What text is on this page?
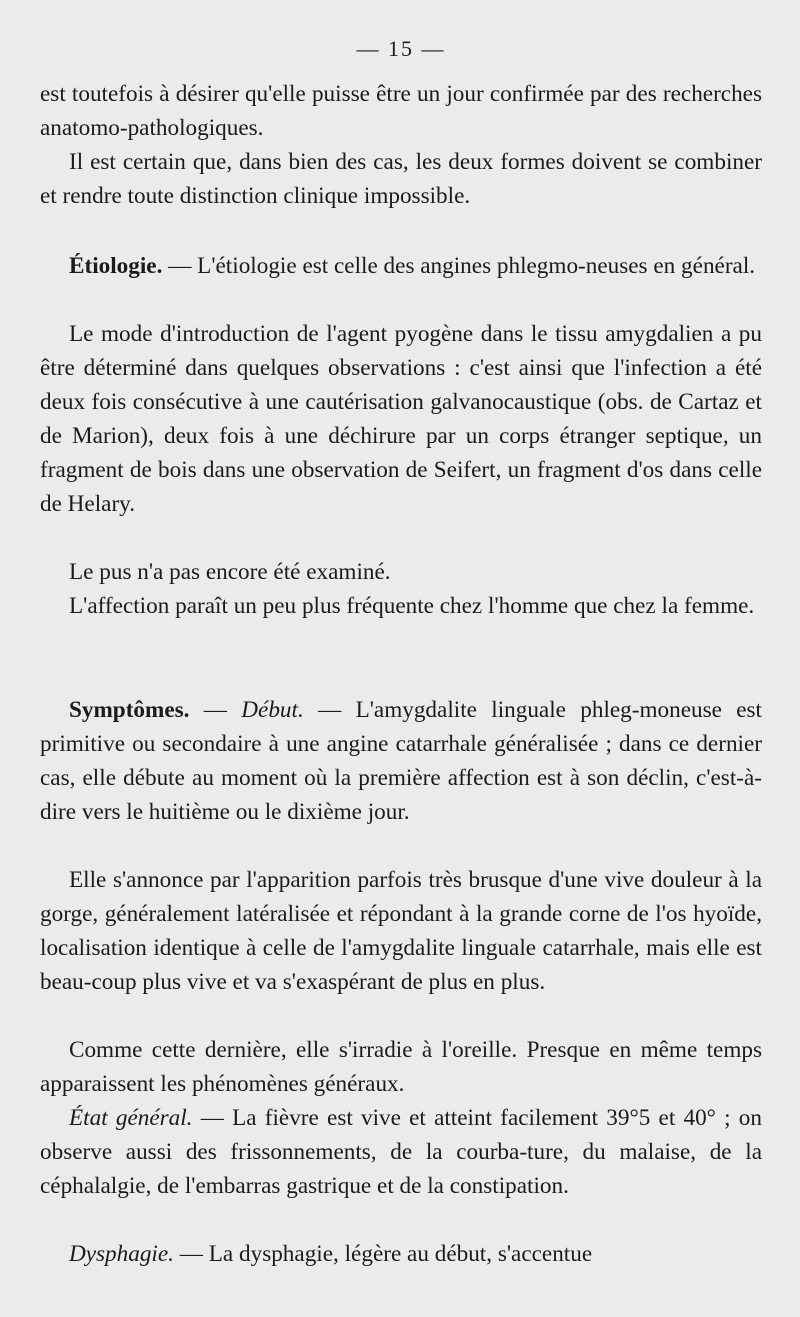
— 15 —

est toutefois à désirer qu'elle puisse être un jour confirmée par des recherches anatomo-pathologiques.

Il est certain que, dans bien des cas, les deux formes doivent se combiner et rendre toute distinction clinique impossible.

Étiologie. — L'étiologie est celle des angines phlegmo-neuses en général.

Le mode d'introduction de l'agent pyogène dans le tissu amygdalien a pu être déterminé dans quelques observations : c'est ainsi que l'infection a été deux fois consécutive à une cautérisation galvanocaustique (obs. de Cartaz et de Marion), deux fois à une déchirure par un corps étranger septique, un fragment de bois dans une observation de Seifert, un fragment d'os dans celle de Helary.

Le pus n'a pas encore été examiné.

L'affection paraît un peu plus fréquente chez l'homme que chez la femme.

Symptômes. — Début. — L'amygdalite linguale phleg-moneuse est primitive ou secondaire à une angine catarrhale généralisée ; dans ce dernier cas, elle débute au moment où la première affection est à son déclin, c'est-à-dire vers le huitième ou le dixième jour.

Elle s'annonce par l'apparition parfois très brusque d'une vive douleur à la gorge, généralement latéralisée et répondant à la grande corne de l'os hyoïde, localisation identique à celle de l'amygdalite linguale catarrhale, mais elle est beau-coup plus vive et va s'exaspérant de plus en plus.

Comme cette dernière, elle s'irradie à l'oreille. Presque en même temps apparaissent les phénomènes généraux.

État général. — La fièvre est vive et atteint facilement 39°5 et 40° ; on observe aussi des frissonnements, de la courba-ture, du malaise, de la céphalalgie, de l'embarras gastrique et de la constipation.

Dysphagie. — La dysphagie, légère au début, s'accentue
